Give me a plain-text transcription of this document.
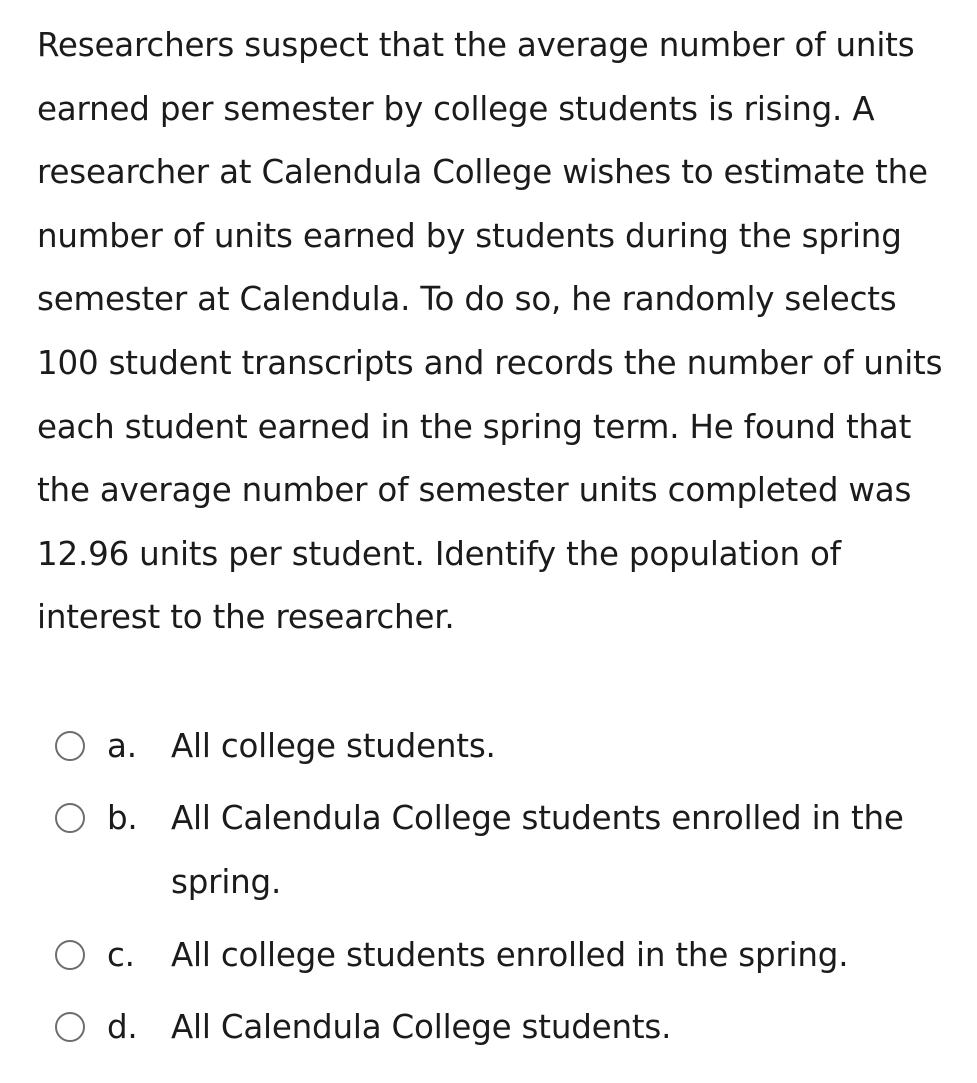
Researchers suspect that the average number of units earned per semester by college students is rising. A researcher at Calendula College wishes to estimate the number of units earned by students during the spring semester at Calendula. To do so, he randomly selects 100 student transcripts and records the number of units each student earned in the spring term. He found that the average number of semester units completed was 12.96 units per student. Identify the population of interest to the researcher.

a. All college students.
b. All Calendula College students enrolled in the spring.
c. All college students enrolled in the spring.
d. All Calendula College students.
